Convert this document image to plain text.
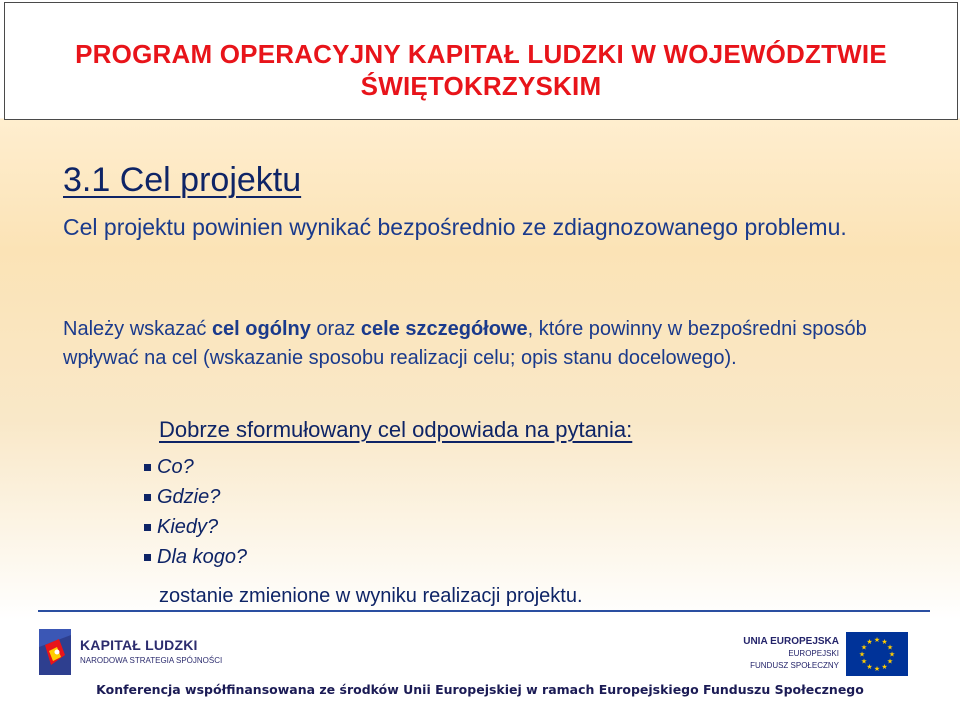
PROGRAM OPERACYJNY KAPITAŁ LUDZKI W WOJEWÓDZTWIE
ŚWIĘTOKRZYSKIM
3.1 Cel projektu
Cel projektu powinien wynikać bezpośrednio ze zdiagnozowanego problemu.
Należy wskazać cel ogólny oraz cele szczegółowe, które powinny w bezpośredni sposób wpływać na cel (wskazanie sposobu realizacji celu; opis stanu docelowego).
Dobrze sformułowany cel odpowiada na pytania:
Co?
Gdzie?
Kiedy?
Dla kogo?
zostanie zmienione w wyniku realizacji projektu.
KAPITAŁ LUDZKI
NARODOWA STRATEGIA SPÓJNOŚCI
UNIA EUROPEJSKA
EUROPEJSKI
FUNDUSZ SPOŁECZNY
★ ★
★
★
★
★
★
★
★
★
★
★
Konferencja współfinansowana ze środków Unii Europejskiej w ramach Europejskiego Funduszu Społecznego
